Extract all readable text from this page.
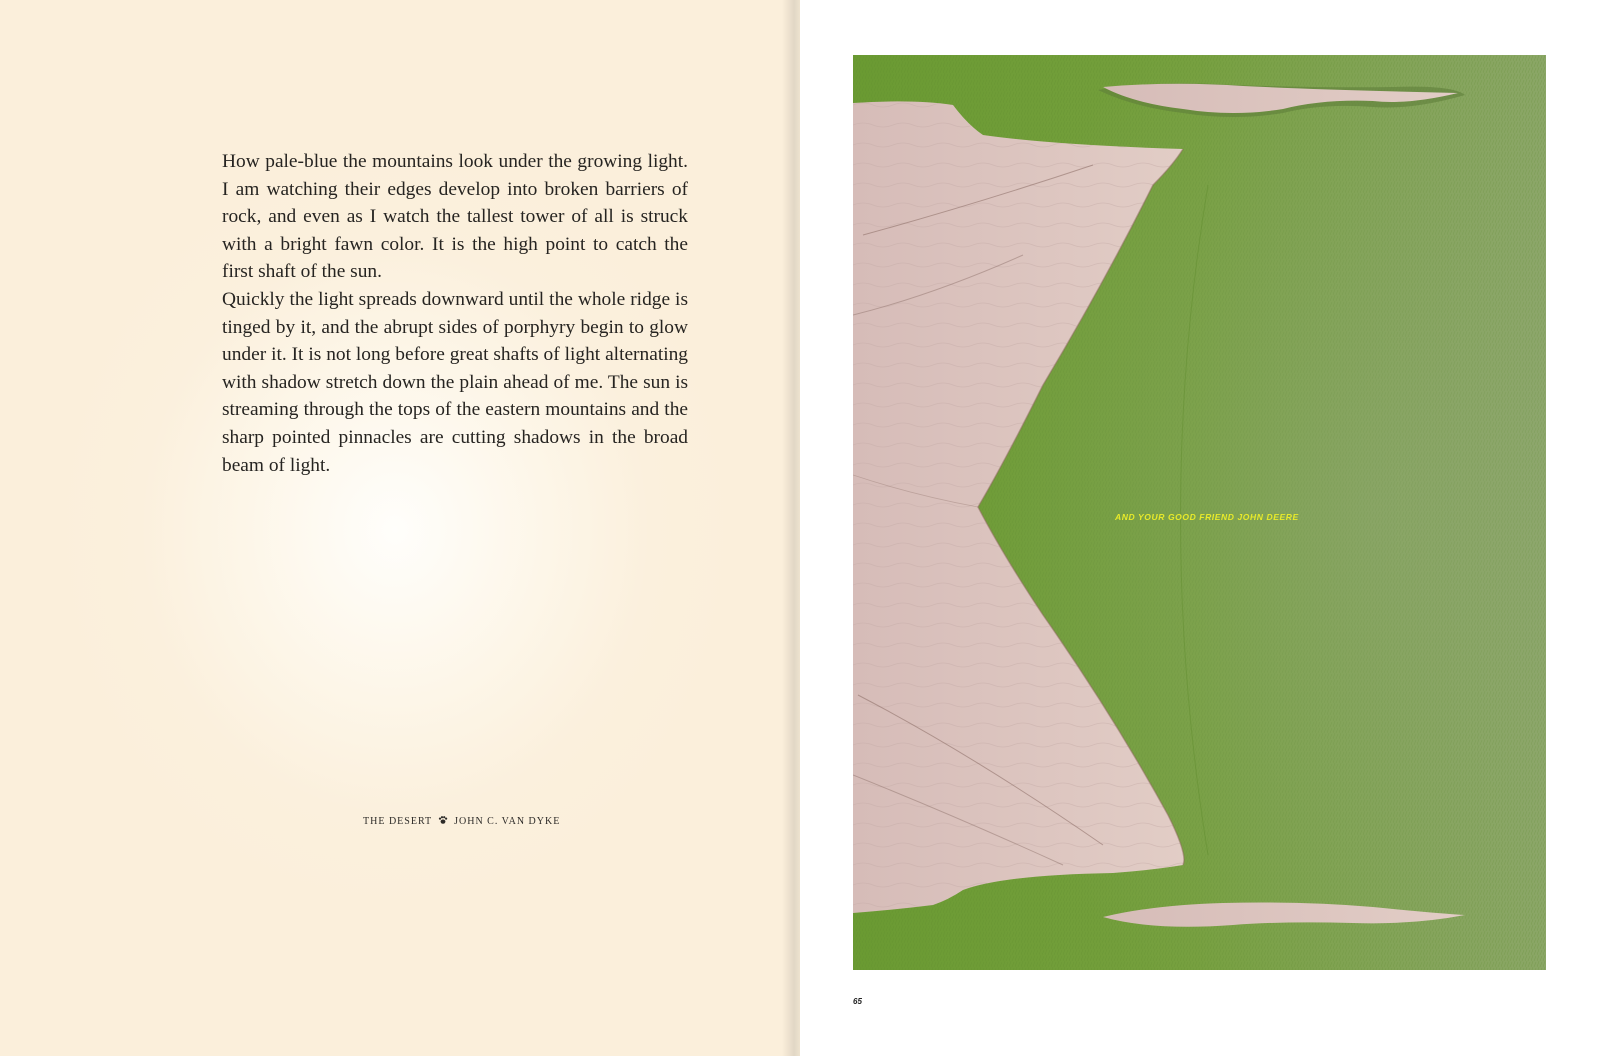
How pale-blue the mountains look under the growing light. I am watching their edges develop into broken barriers of rock, and even as I watch the tallest tower of all is struck with a bright fawn color. It is the high point to catch the first shaft of the sun.

Quickly the light spreads downward until the whole ridge is tinged by it, and the abrupt sides of porphyry begin to glow under it. It is not long before great shafts of light alternating with shadow stretch down the plain ahead of me. The sun is streaming through the tops of the eastern mountains and the sharp pointed pinnacles are cutting shadows in the broad beam of light.

THE DESERT JOHN C. VAN DYKE
AND YOUR GOOD FRIEND JOHN DEERE
65
